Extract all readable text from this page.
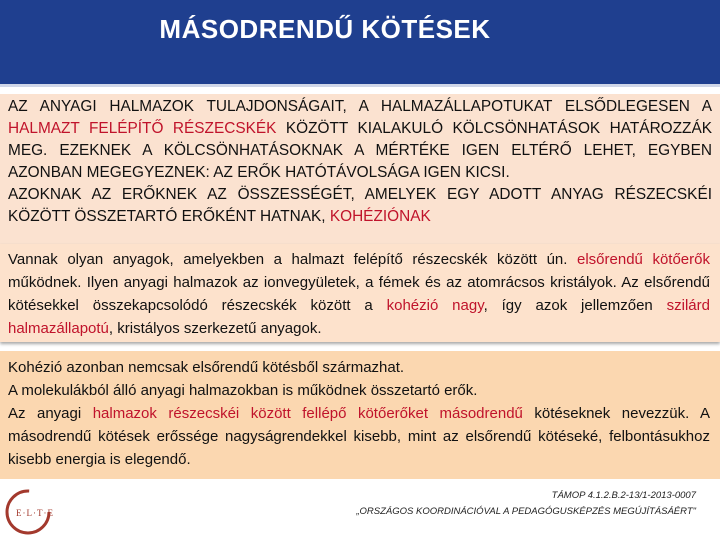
MÁSODRENDŰ KÖTÉSEK
AZ ANYAGI HALMAZOK TULAJDONSÁGAIT, A HALMAZÁLLAPOTUKAT ELSŐDLEGESEN A HALMAZT FELÉPÍTŐ RÉSZECSKÉK KÖZÖTT KIALAKULÓ KÖLCSÖNHATÁSOK HATÁROZZÁK MEG. EZEKNEK A KÖLCSÖNHATÁSOKNAK A MÉRTÉKE IGEN ELTÉRŐ LEHET, EGYBEN AZONBAN MEGEGYEZNEK: AZ ERŐK HATÓTÁVOLSÁGA IGEN KICSI.
AZOKNAK AZ ERŐKNEK AZ ÖSSZESSÉGÉT, AMELYEK EGY ADOTT ANYAG RÉSZECSKÉI KÖZÖTT ÖSSZETARTÓ ERŐKÉNT HATNAK, KOHÉZIÓNAK
Vannak olyan anyagok, amelyekben a halmazt felépítő részecskék között ún. elsőrendű kötőerők működnek. Ilyen anyagi halmazok az ionvegyületek, a fémek és az atomrácsos kristályok. Az elsőrendű kötésekkel összekapcsolódó részecskék között a kohézió nagy, így azok jellemzően szilárd halmazállapotú, kristályos szerkezetű anyagok.
Kohézió azonban nemcsak elsőrendű kötésből származhat.
A molekulákból álló anyagi halmazokban is működnek összetartó erők.
Az anyagi halmazok részecskéi között fellépő kötőerőket másodrendű kötéseknek nevezzük. A másodrendű kötések erőssége nagyságrendekkel kisebb, mint az elsőrendű kötéseké, felbontásukhoz kisebb energia is elegendő.
E·L·T·E
TÁMOP 4.1.2.B.2-13/1-2013-0007
„ORSZÁGOS KOORDINÁCIÓVAL A PEDAGÓGUSKÉPZÉS MEGÚJÍTÁSÁÉRT"
